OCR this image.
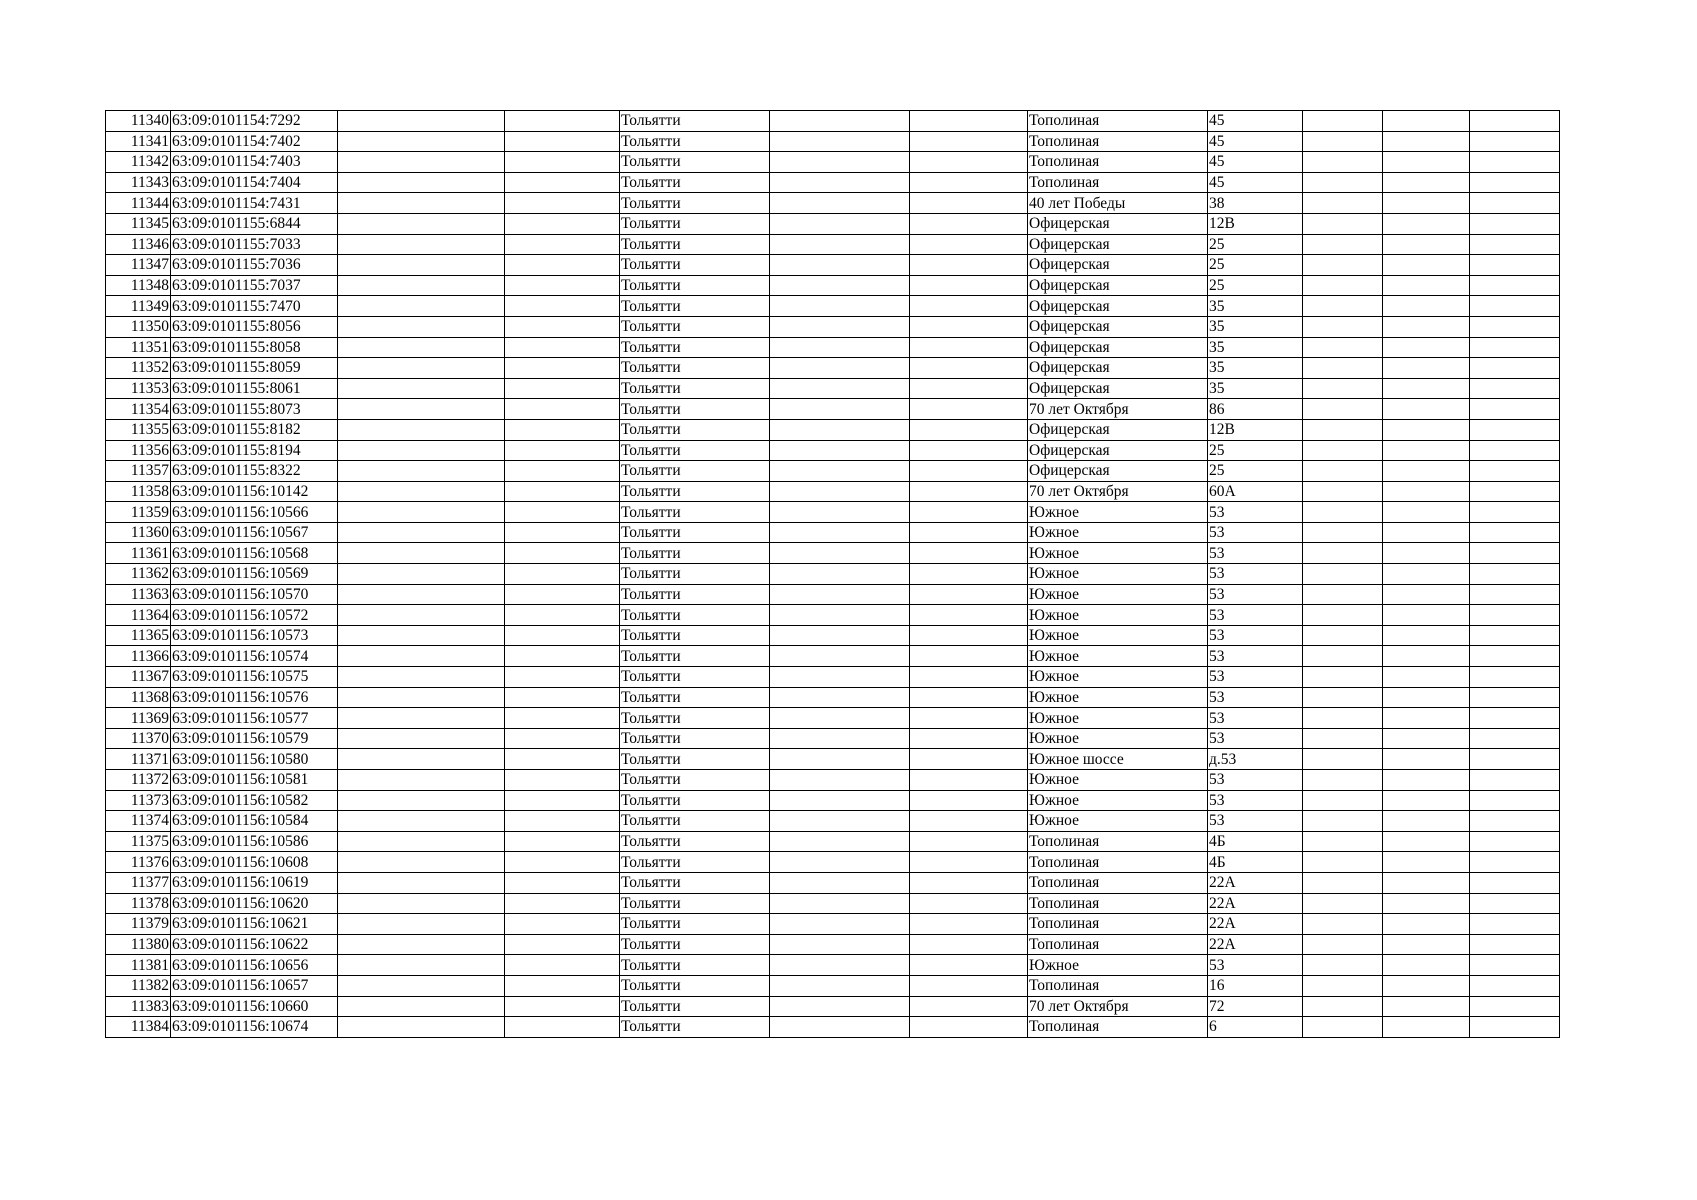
11340	63:09:0101154:7292			Тольятти			Тополиная	45			
11341	63:09:0101154:7402			Тольятти			Тополиная	45			
11342	63:09:0101154:7403			Тольятти			Тополиная	45			
11343	63:09:0101154:7404			Тольятти			Тополиная	45			
11344	63:09:0101154:7431			Тольятти			40 лет Победы	38			
11345	63:09:0101155:6844			Тольятти			Офицерская	12В			
11346	63:09:0101155:7033			Тольятти			Офицерская	25			
11347	63:09:0101155:7036			Тольятти			Офицерская	25			
11348	63:09:0101155:7037			Тольятти			Офицерская	25			
11349	63:09:0101155:7470			Тольятти			Офицерская	35			
11350	63:09:0101155:8056			Тольятти			Офицерская	35			
11351	63:09:0101155:8058			Тольятти			Офицерская	35			
11352	63:09:0101155:8059			Тольятти			Офицерская	35			
11353	63:09:0101155:8061			Тольятти			Офицерская	35			
11354	63:09:0101155:8073			Тольятти			70 лет Октября	86			
11355	63:09:0101155:8182			Тольятти			Офицерская	12В			
11356	63:09:0101155:8194			Тольятти			Офицерская	25			
11357	63:09:0101155:8322			Тольятти			Офицерская	25			
11358	63:09:0101156:10142			Тольятти			70 лет Октября	60А			
11359	63:09:0101156:10566			Тольятти			Южное	53			
11360	63:09:0101156:10567			Тольятти			Южное	53			
11361	63:09:0101156:10568			Тольятти			Южное	53			
11362	63:09:0101156:10569			Тольятти			Южное	53			
11363	63:09:0101156:10570			Тольятти			Южное	53			
11364	63:09:0101156:10572			Тольятти			Южное	53			
11365	63:09:0101156:10573			Тольятти			Южное	53			
11366	63:09:0101156:10574			Тольятти			Южное	53			
11367	63:09:0101156:10575			Тольятти			Южное	53			
11368	63:09:0101156:10576			Тольятти			Южное	53			
11369	63:09:0101156:10577			Тольятти			Южное	53			
11370	63:09:0101156:10579			Тольятти			Южное	53			
11371	63:09:0101156:10580			Тольятти			Южное шоссе	д.53			
11372	63:09:0101156:10581			Тольятти			Южное	53			
11373	63:09:0101156:10582			Тольятти			Южное	53			
11374	63:09:0101156:10584			Тольятти			Южное	53			
11375	63:09:0101156:10586			Тольятти			Тополиная	4Б			
11376	63:09:0101156:10608			Тольятти			Тополиная	4Б			
11377	63:09:0101156:10619			Тольятти			Тополиная	22А			
11378	63:09:0101156:10620			Тольятти			Тополиная	22А			
11379	63:09:0101156:10621			Тольятти			Тополиная	22А			
11380	63:09:0101156:10622			Тольятти			Тополиная	22А			
11381	63:09:0101156:10656			Тольятти			Южное	53			
11382	63:09:0101156:10657			Тольятти			Тополиная	16			
11383	63:09:0101156:10660			Тольятти			70 лет Октября	72			
11384	63:09:0101156:10674			Тольятти			Тополиная	6			
